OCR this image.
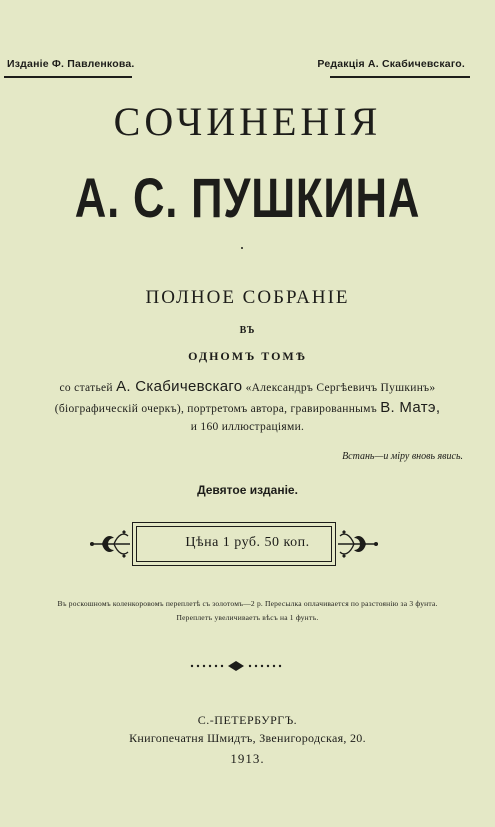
Изданiе Ф. Павленкова.	Редакцiя А. Скабичевскаго.
СОЧИНЕНIЯ
А. С. ПУШКИНА
ПОЛНОЕ СОБРАНIЕ
ВЪ
ОДНОМЪ ТОМѢ
со статьей А. Скабичевскаго «Александръ Сергѣевичъ Пушкинъ»
(бiографическiй очеркъ), портретомъ автора, гравированнымъ В. Матэ,
и 160 иллюстрацiями.
Встань—и мiру вновь явись.
Девятое изданiе.
Цѣна 1 руб. 50 коп.
Въ роскошномъ коленкоровомъ переплетѣ съ золотомъ—2 р. Пересылка оплачивается по разстоянiю за 3 фунта.
Переплетъ увеличиваетъ вѣсъ на 1 фунтъ.
С.-ПЕТЕРБУРГЪ.
Книгопечатня Шмидтъ, Звенигородская, 20.
1913.
